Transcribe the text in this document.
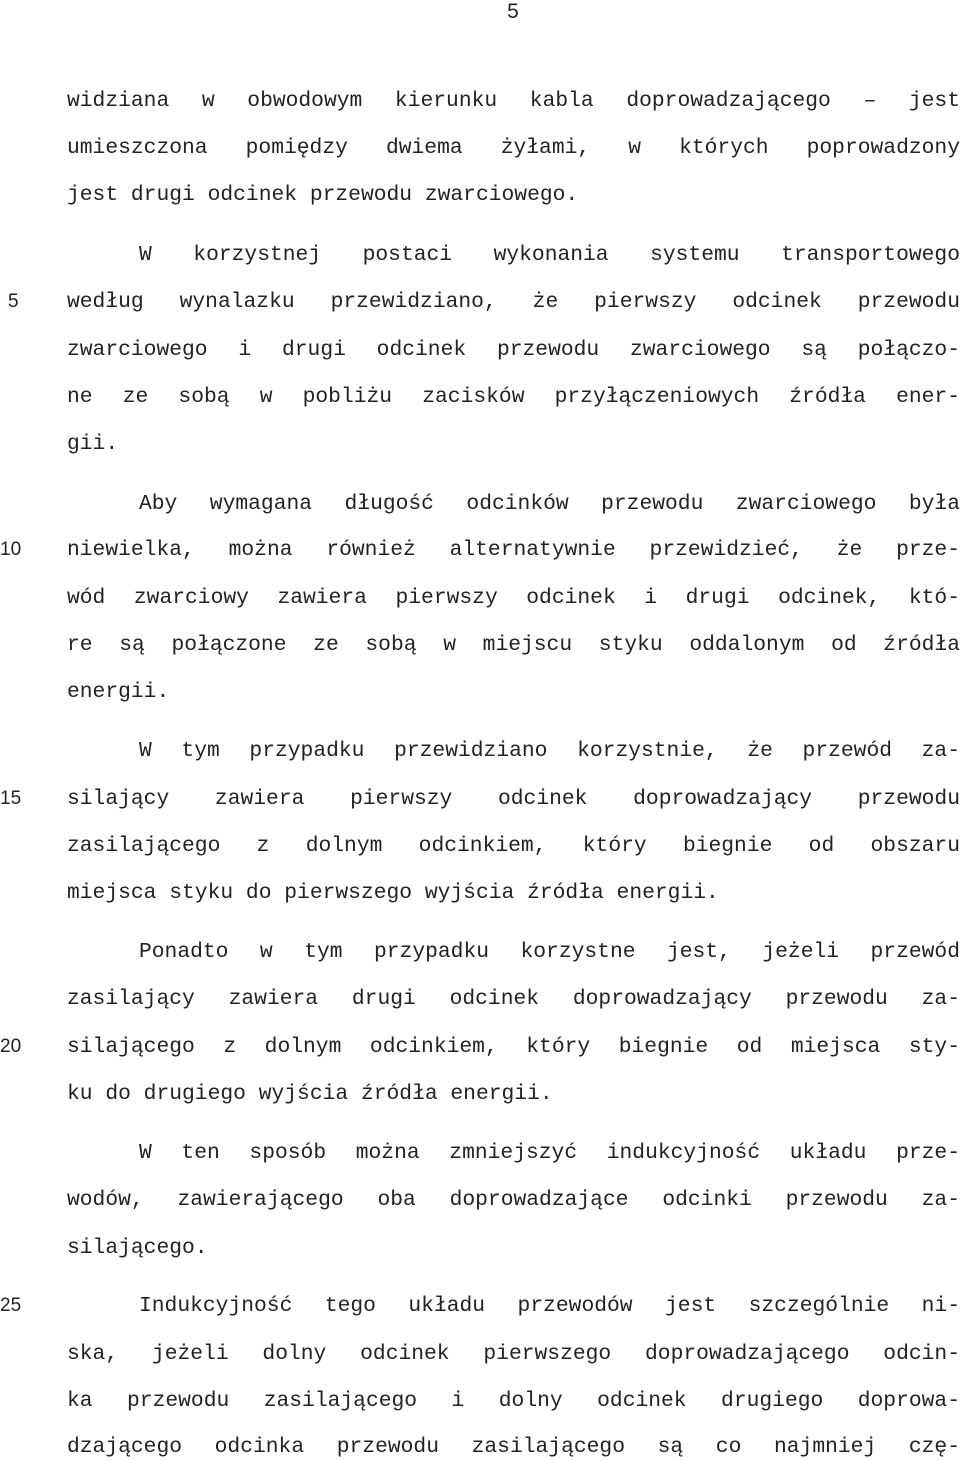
5
5
10
15
20
25
widziana w obwodowym kierunku kabla doprowadzającego – jest
umieszczona pomiędzy dwiema żyłami, w których poprowadzony
jest drugi odcinek przewodu zwarciowego.
W korzystnej postaci wykonania systemu transportowego
według wynalazku przewidziano, że pierwszy odcinek przewodu
zwarciowego i drugi odcinek przewodu zwarciowego są połączo-
ne ze sobą w pobliżu zacisków przyłączeniowych źródła ener-
gii.
Aby wymagana długość odcinków przewodu zwarciowego była
niewielka, można również alternatywnie przewidzieć, że prze-
wód zwarciowy zawiera pierwszy odcinek i drugi odcinek, któ-
re są połączone ze sobą w miejscu styku oddalonym od źródła
energii.
W tym przypadku przewidziano korzystnie, że przewód za-
silający zawiera pierwszy odcinek doprowadzający przewodu
zasilającego z dolnym odcinkiem, który biegnie od obszaru
miejsca styku do pierwszego wyjścia źródła energii.
Ponadto w tym przypadku korzystne jest, jeżeli przewód
zasilający zawiera drugi odcinek doprowadzający przewodu za-
silającego z dolnym odcinkiem, który biegnie od miejsca sty-
ku do drugiego wyjścia źródła energii.
W ten sposób można zmniejszyć indukcyjność układu prze-
wodów, zawierającego oba doprowadzające odcinki przewodu za-
silającego.
Indukcyjność tego układu przewodów jest szczególnie ni-
ska, jeżeli dolny odcinek pierwszego doprowadzającego odcin-
ka przewodu zasilającego i dolny odcinek drugiego doprowa-
dzającego odcinka przewodu zasilającego są co najmniej czę-
